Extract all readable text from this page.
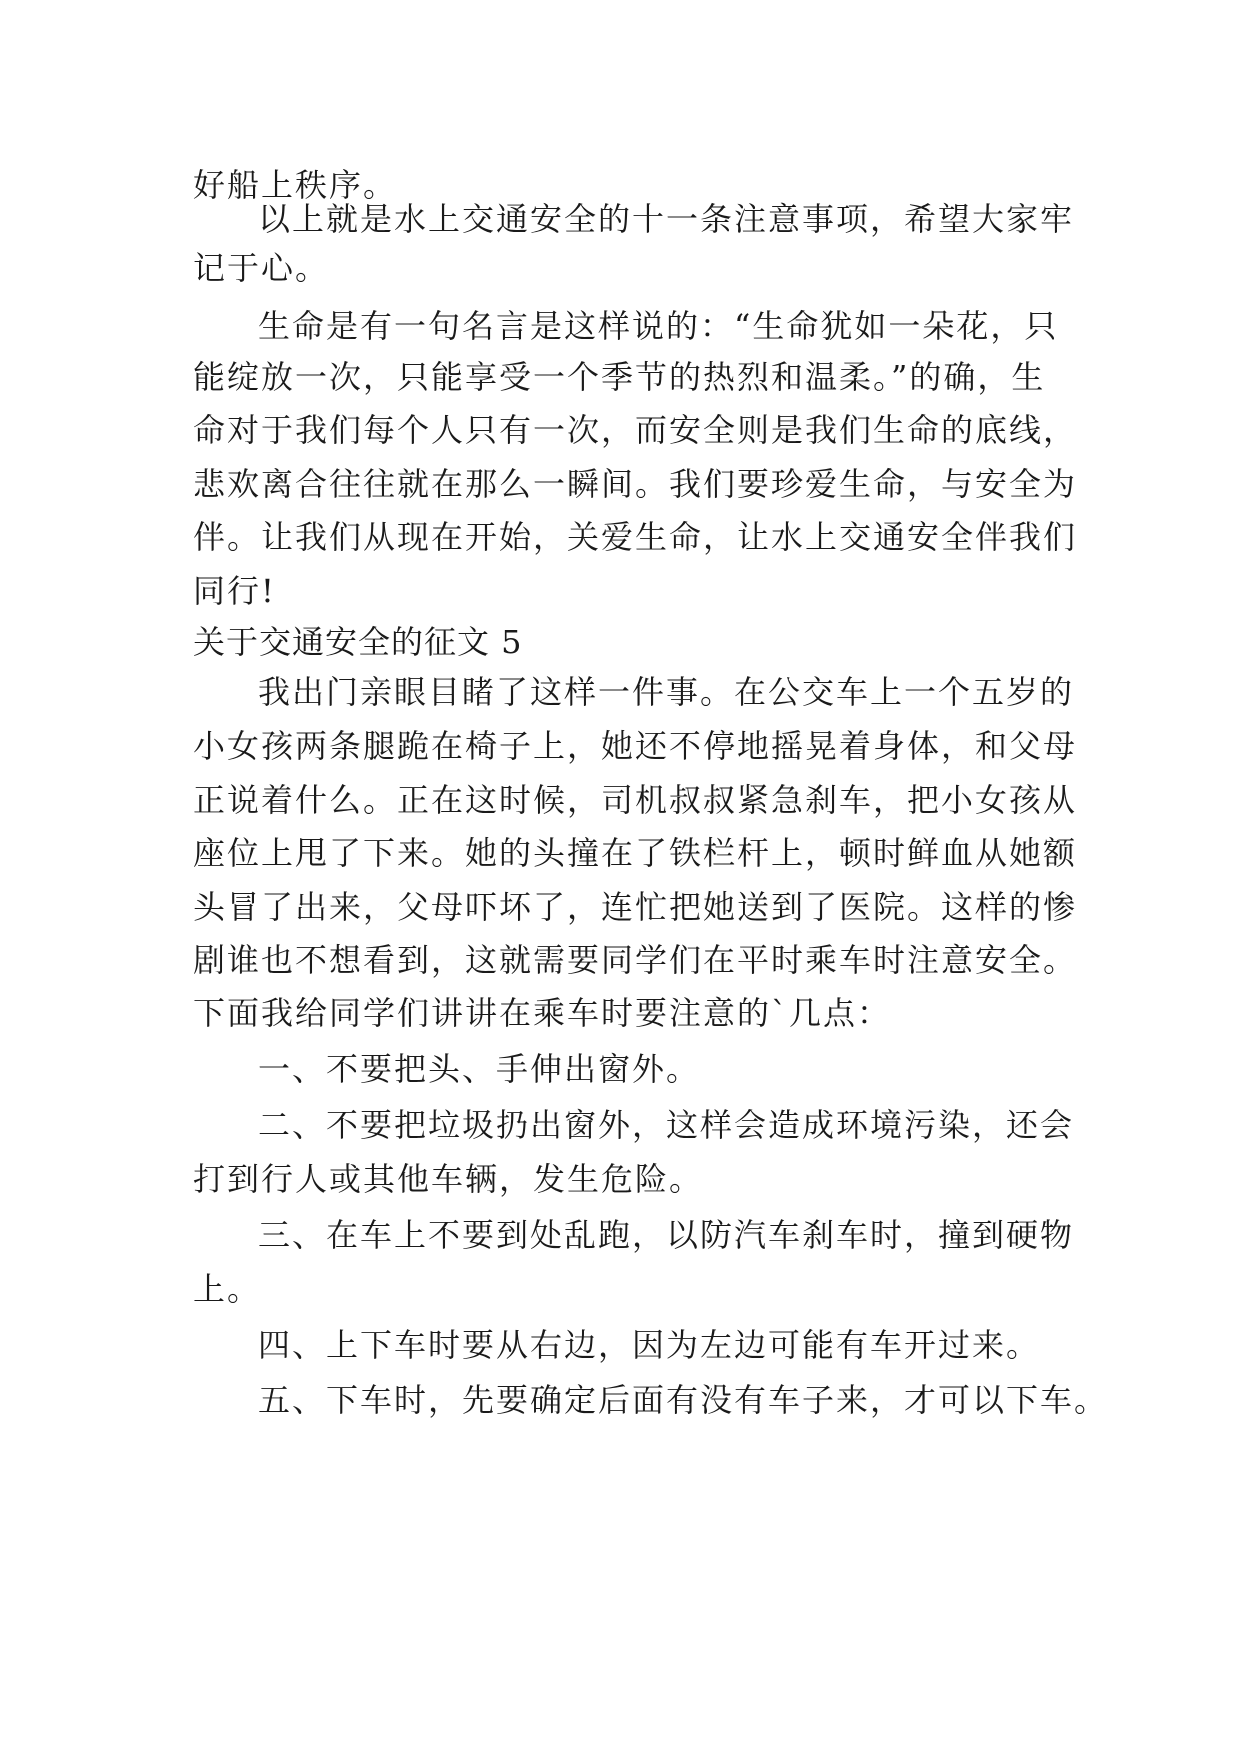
好船上秩序。
以上就是水上交通安全的十一条注意事项，希望大家牢
记于心。
生命是有一句名言是这样说的：“生命犹如一朵花，只
能绽放一次，只能享受一个季节的热烈和温柔。”的确，生
命对于我们每个人只有一次，而安全则是我们生命的底线，
悲欢离合往往就在那么一瞬间。我们要珍爱生命，与安全为
伴。让我们从现在开始，关爱生命，让水上交通安全伴我们
同行!
关于交通安全的征文 5
我出门亲眼目睹了这样一件事。在公交车上一个五岁的
小女孩两条腿跪在椅子上，她还不停地摇晃着身体，和父母
正说着什么。正在这时候，司机叔叔紧急刹车，把小女孩从
座位上甩了下来。她的头撞在了铁栏杆上，顿时鲜血从她额
头冒了出来，父母吓坏了，连忙把她送到了医院。这样的惨
剧谁也不想看到，这就需要同学们在平时乘车时注意安全。
下面我给同学们讲讲在乘车时要注意的`几点：
一、不要把头、手伸出窗外。
二、不要把垃圾扔出窗外，这样会造成环境污染，还会
打到行人或其他车辆，发生危险。
三、在车上不要到处乱跑，以防汽车刹车时，撞到硬物
上。
四、上下车时要从右边，因为左边可能有车开过来。
五、下车时，先要确定后面有没有车子来，才可以下车。
